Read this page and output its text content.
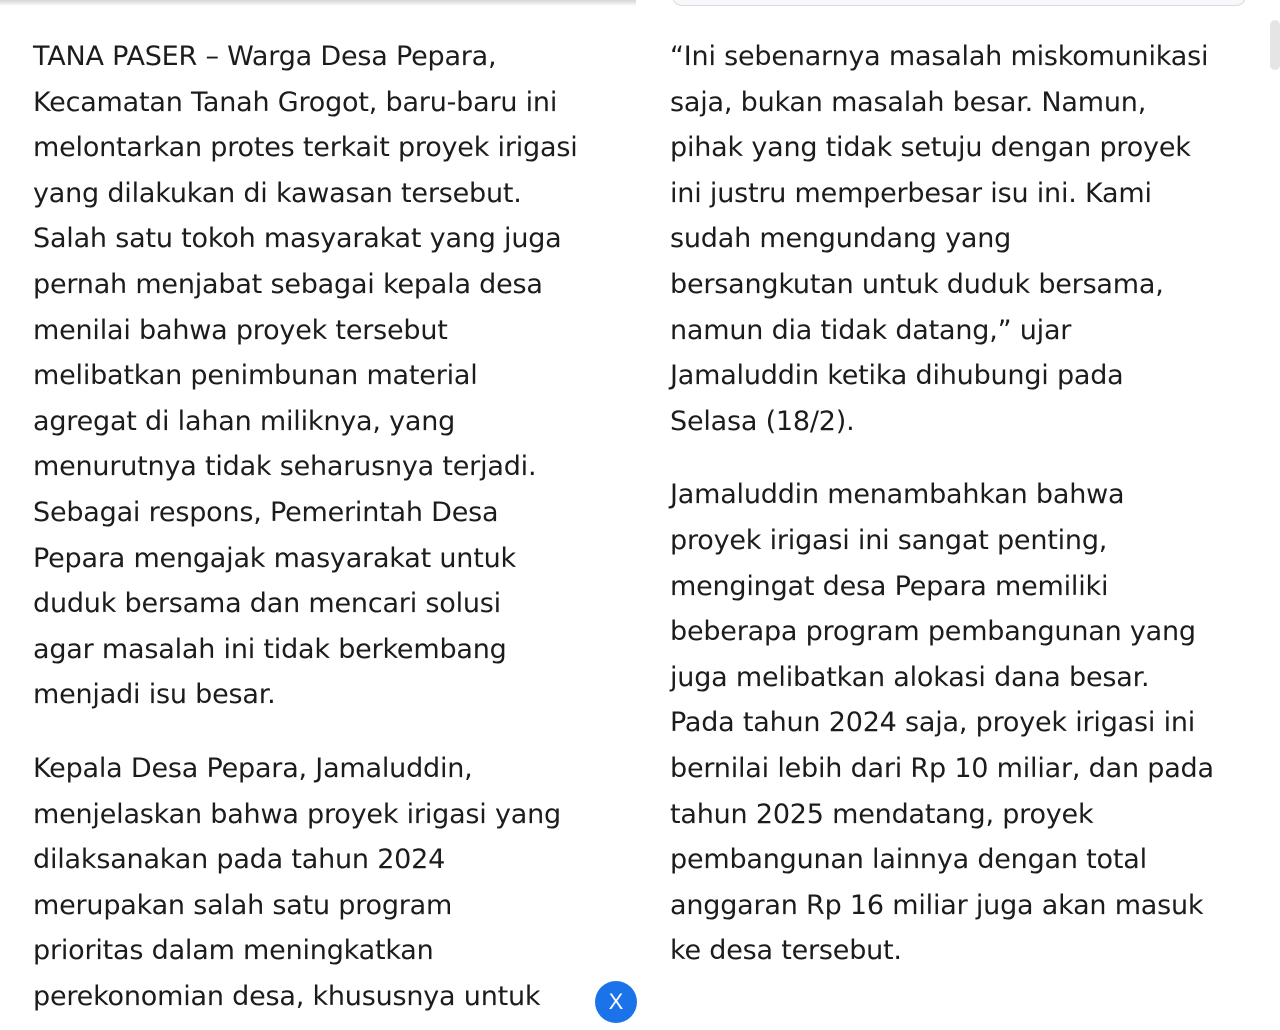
TANA PASER – Warga Desa Pepara,
Kecamatan Tanah Grogot, baru-baru ini
melontarkan protes terkait proyek irigasi
yang dilakukan di kawasan tersebut.
Salah satu tokoh masyarakat yang juga
pernah menjabat sebagai kepala desa
menilai bahwa proyek tersebut
melibatkan penimbunan material
agregat di lahan miliknya, yang
menurutnya tidak seharusnya terjadi.
Sebagai respons, Pemerintah Desa
Pepara mengajak masyarakat untuk
duduk bersama dan mencari solusi
agar masalah ini tidak berkembang
menjadi isu besar.
Kepala Desa Pepara, Jamaluddin,
menjelaskan bahwa proyek irigasi yang
dilaksanakan pada tahun 2024
merupakan salah satu program
prioritas dalam meningkatkan
perekonomian desa, khususnya untuk
“Ini sebenarnya masalah miskomunikasi
saja, bukan masalah besar. Namun,
pihak yang tidak setuju dengan proyek
ini justru memperbesar isu ini. Kami
sudah mengundang yang
bersangkutan untuk duduk bersama,
namun dia tidak datang,” ujar
Jamaluddin ketika dihubungi pada
Selasa (18/2).
Jamaluddin menambahkan bahwa
proyek irigasi ini sangat penting,
mengingat desa Pepara memiliki
beberapa program pembangunan yang
juga melibatkan alokasi dana besar.
Pada tahun 2024 saja, proyek irigasi ini
bernilai lebih dari Rp 10 miliar, dan pada
tahun 2025 mendatang, proyek
pembangunan lainnya dengan total
anggaran Rp 16 miliar juga akan masuk
ke desa tersebut.
X
